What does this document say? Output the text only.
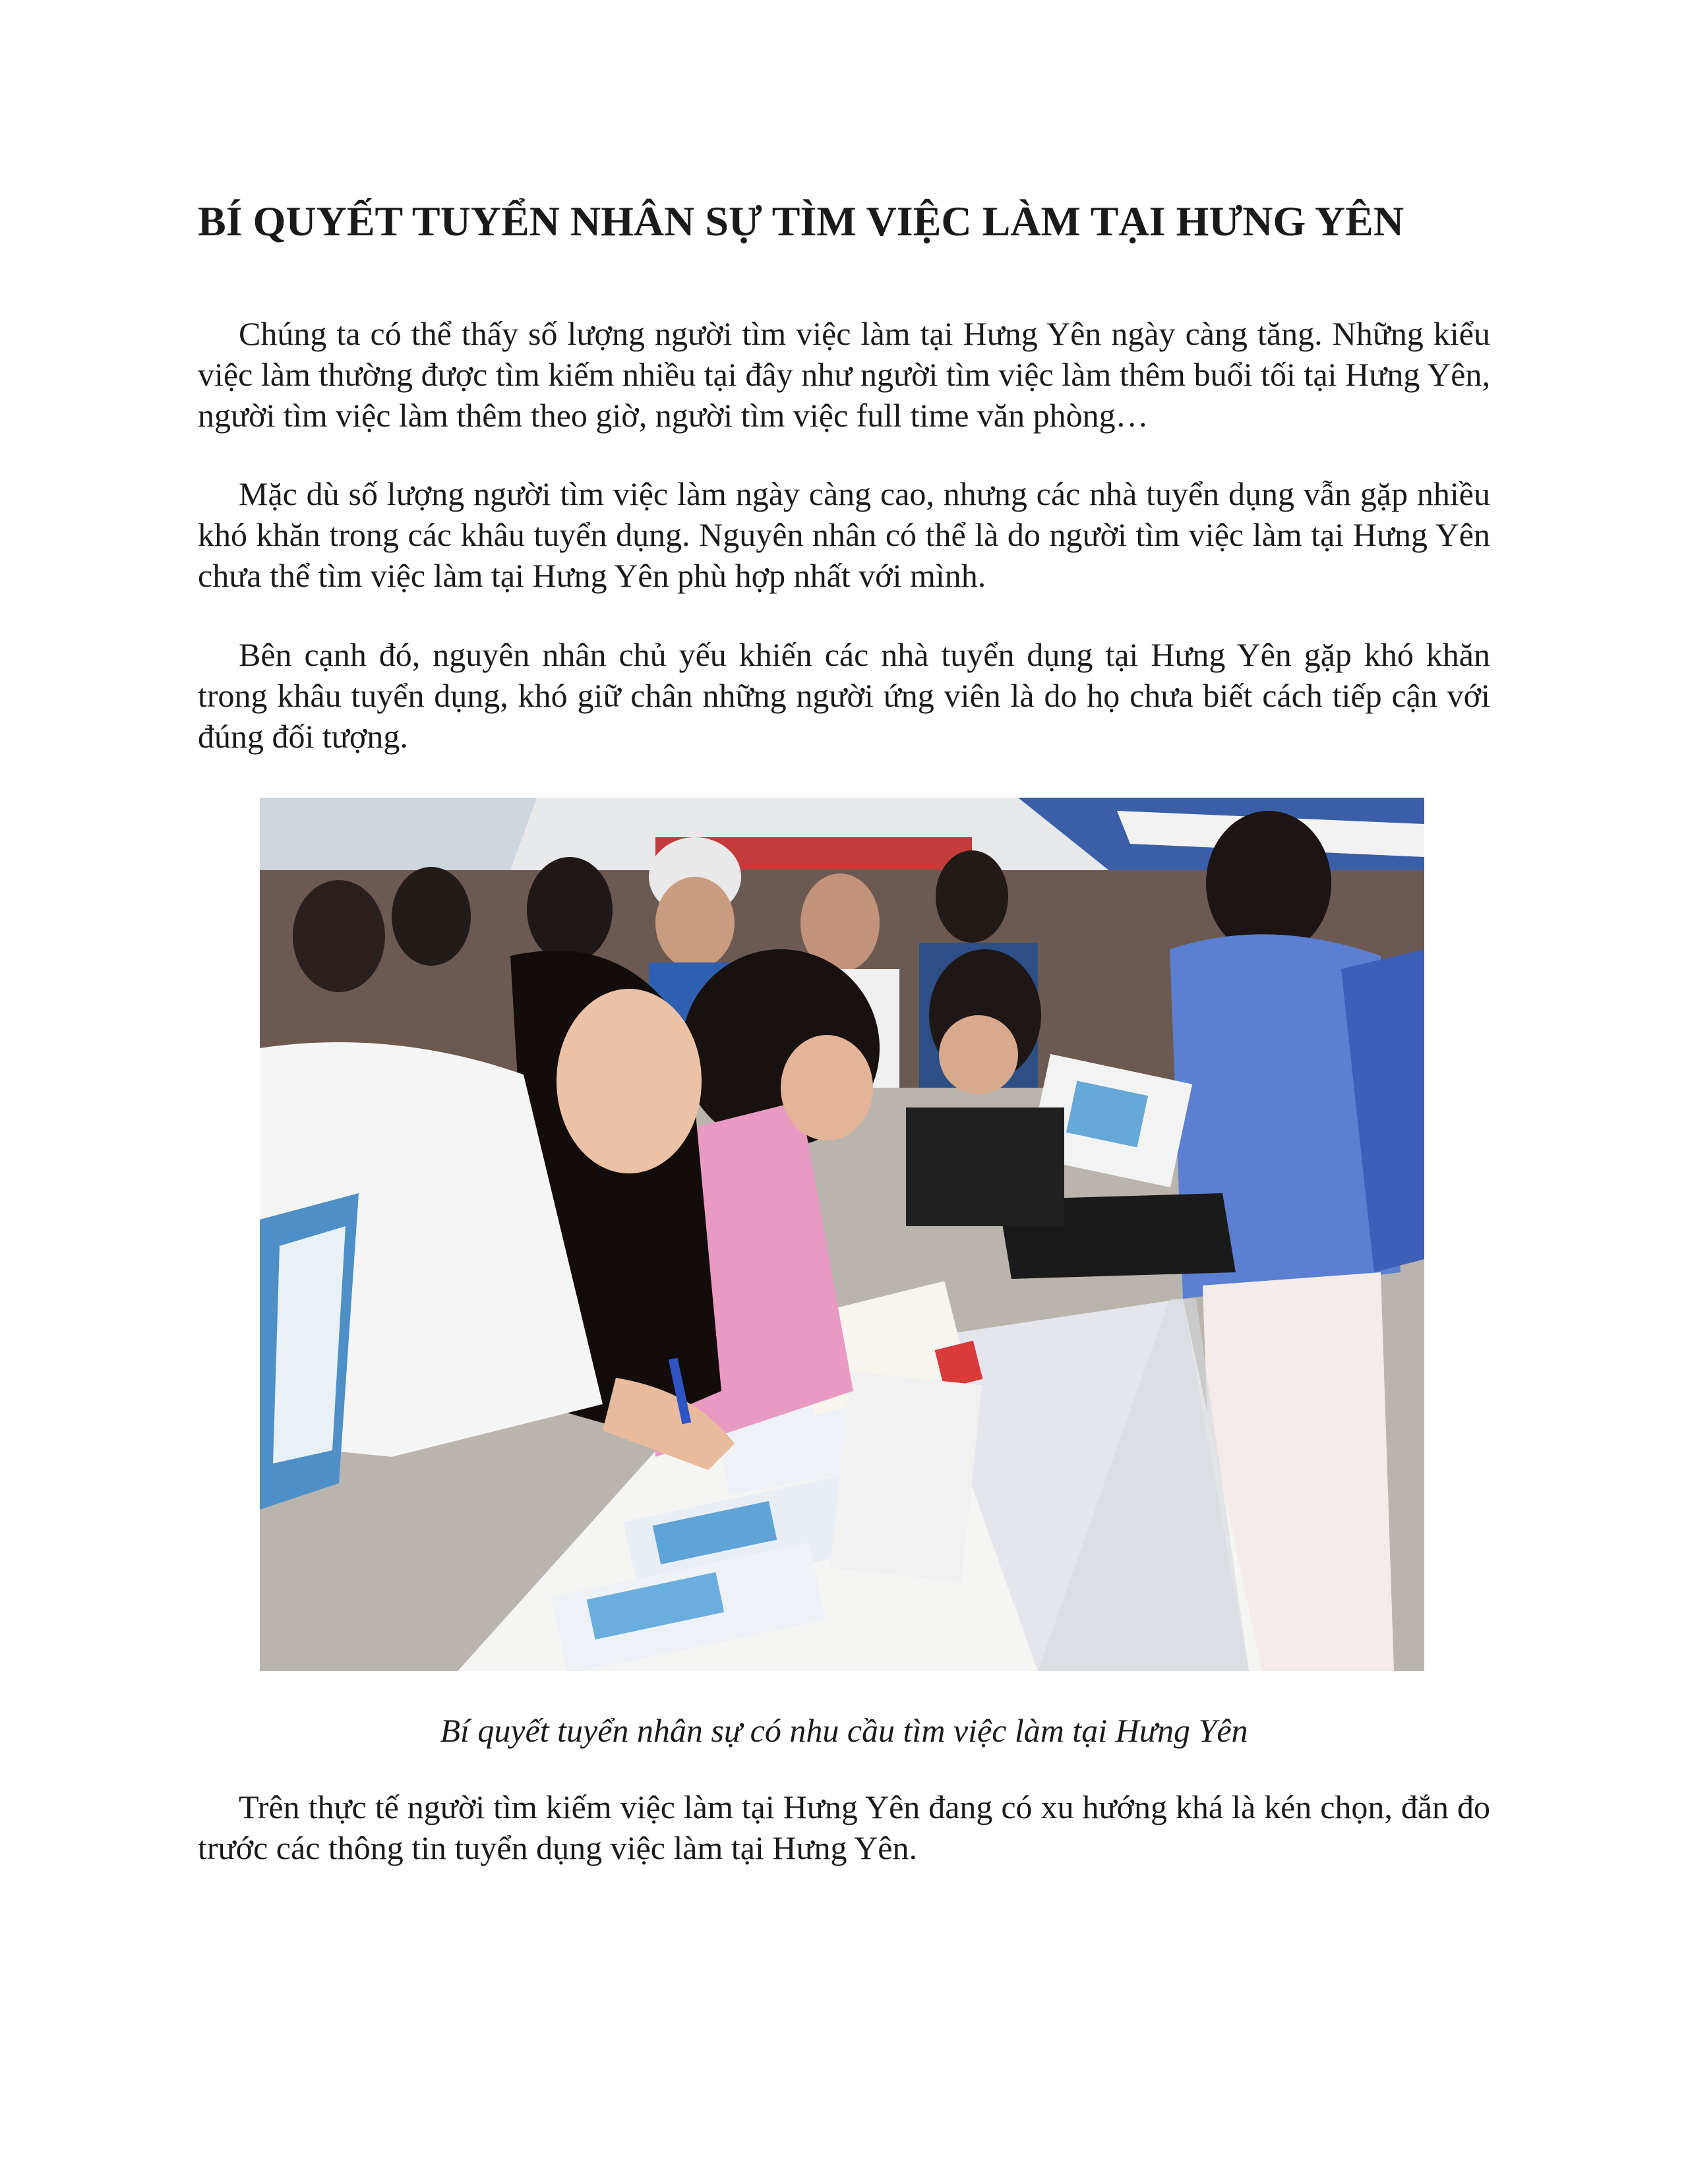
BÍ QUYẾT TUYỂN NHÂN SỰ TÌM VIỆC LÀM TẠI HƯNG YÊN

Chúng ta có thể thấy số lượng người tìm việc làm tại Hưng Yên ngày càng tăng. Những kiểu việc làm thường được tìm kiếm nhiều tại đây như người tìm việc làm thêm buổi tối tại Hưng Yên, người tìm việc làm thêm theo giờ, người tìm việc full time văn phòng…

Mặc dù số lượng người tìm việc làm ngày càng cao, nhưng các nhà tuyển dụng vẫn gặp nhiều khó khăn trong các khâu tuyển dụng. Nguyên nhân có thể là do người tìm việc làm tại Hưng Yên chưa thể tìm việc làm tại Hưng Yên phù hợp nhất với mình.

Bên cạnh đó, nguyên nhân chủ yếu khiến các nhà tuyển dụng tại Hưng Yên gặp khó khăn trong khâu tuyển dụng, khó giữ chân những người ứng viên là do họ chưa biết cách tiếp cận với đúng đối tượng.

Bí quyết tuyển nhân sự có nhu cầu tìm việc làm tại Hưng Yên

Trên thực tế người tìm kiếm việc làm tại Hưng Yên đang có xu hướng khá là kén chọn, đắn đo trước các thông tin tuyển dụng việc làm tại Hưng Yên.
